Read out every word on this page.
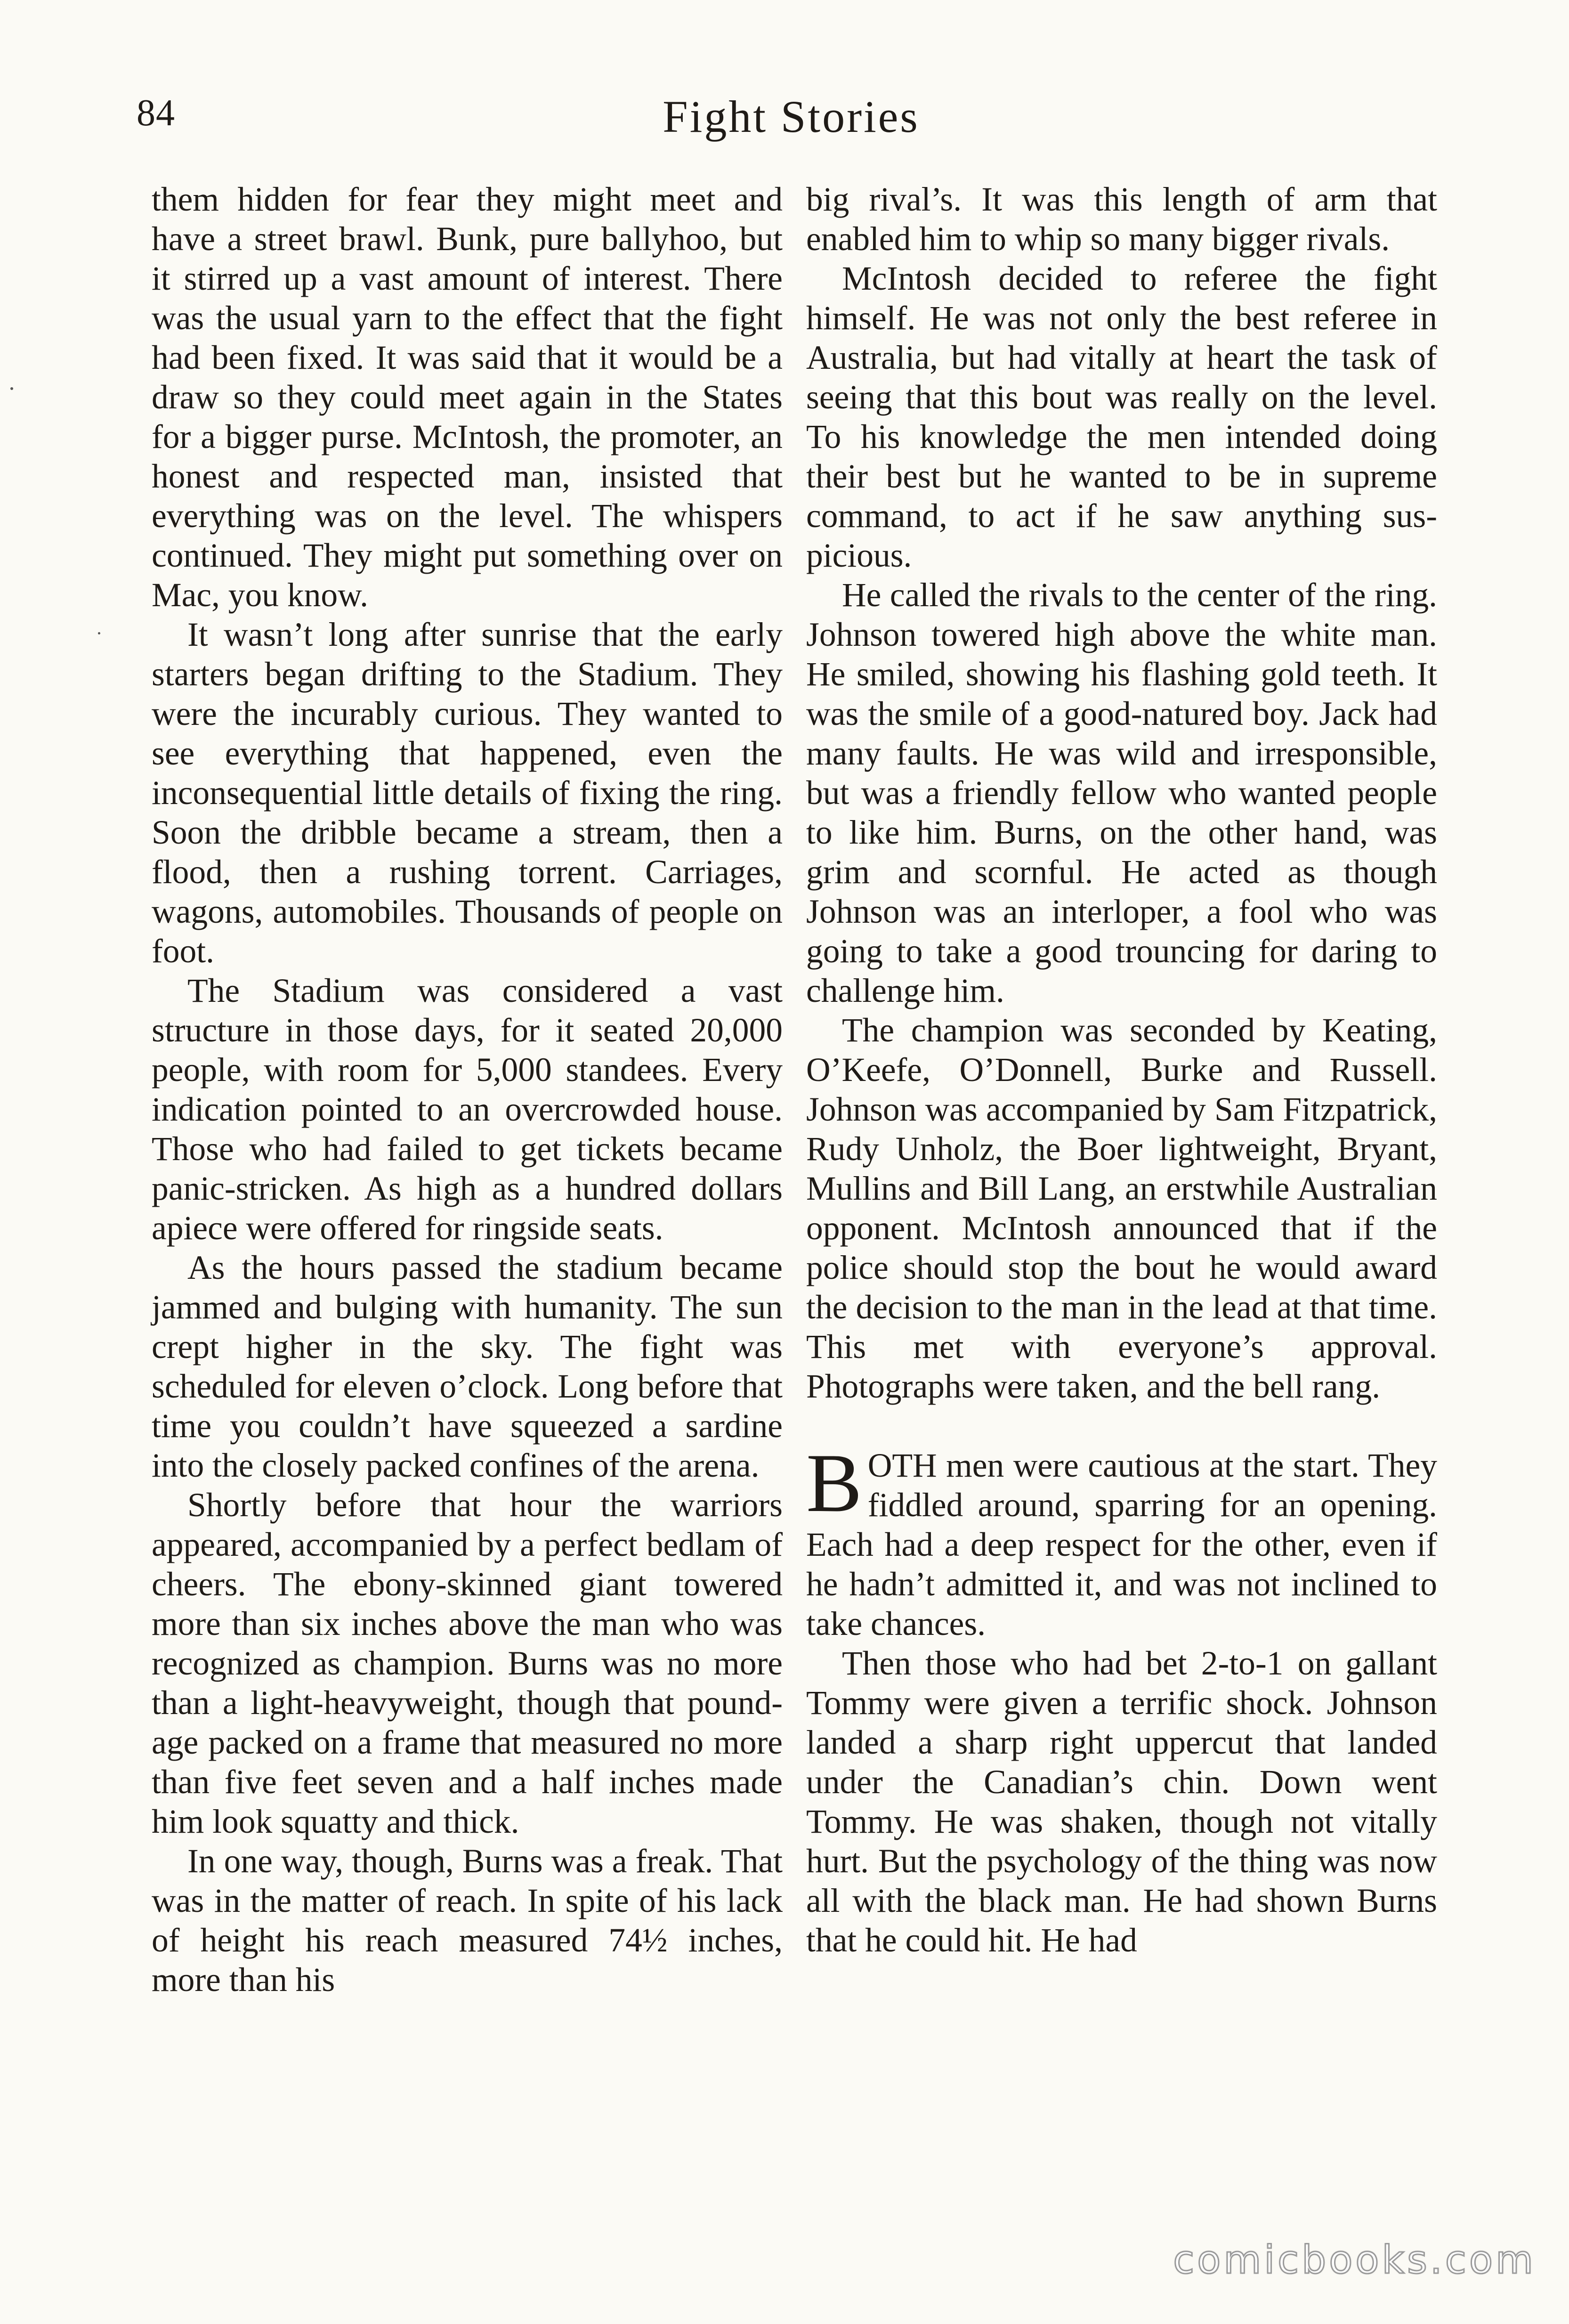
84	Fight Stories

them hidden for fear they might meet and have a street brawl. Bunk, pure ballyhoo, but it stirred up a vast amount of interest. There was the usual yarn to the effect that the fight had been fixed. It was said that it would be a draw so they could meet again in the States for a bigger purse. McIntosh, the promoter, an honest and respected man, insisted that everything was on the level. The whispers continued. They might put something over on Mac, you know.

It wasn’t long after sunrise that the early starters began drifting to the Stadium. They were the incurably curious. They wanted to see everything that happened, even the inconsequential little details of fixing the ring. Soon the dribble became a stream, then a flood, then a rushing torrent. Carriages, wagons, automobiles. Thousands of people on foot.

The Stadium was considered a vast structure in those days, for it seated 20,000 people, with room for 5,000 standees. Every indication pointed to an overcrowded house. Those who had failed to get tickets became panic-stricken. As high as a hundred dollars apiece were offered for ringside seats.

As the hours passed the stadium became jammed and bulging with humanity. The sun crept higher in the sky. The fight was scheduled for eleven o’clock. Long before that time you couldn’t have squeezed a sardine into the closely packed confines of the arena.

Shortly before that hour the warriors appeared, accompanied by a perfect bedlam of cheers. The ebony-skinned giant towered more than six inches above the man who was recognized as champion. Burns was no more than a light-heavyweight, though that poundage packed on a frame that measured no more than five feet seven and a half inches made him look squatty and thick.

In one way, though, Burns was a freak. That was in the matter of reach. In spite of his lack of height his reach measured 74½ inches, more than his

big rival’s. It was this length of arm that enabled him to whip so many bigger rivals.

McIntosh decided to referee the fight himself. He was not only the best referee in Australia, but had vitally at heart the task of seeing that this bout was really on the level. To his knowledge the men intended doing their best but he wanted to be in supreme command, to act if he saw anything suspicious.

He called the rivals to the center of the ring. Johnson towered high above the white man. He smiled, showing his flashing gold teeth. It was the smile of a good-natured boy. Jack had many faults. He was wild and irresponsible, but was a friendly fellow who wanted people to like him. Burns, on the other hand, was grim and scornful. He acted as though Johnson was an interloper, a fool who was going to take a good trouncing for daring to challenge him.

The champion was seconded by Keating, O’Keefe, O’Donnell, Burke and Russell. Johnson was accompanied by Sam Fitzpatrick, Rudy Unholz, the Boer lightweight, Bryant, Mullins and Bill Lang, an erstwhile Australian opponent. McIntosh announced that if the police should stop the bout he would award the decision to the man in the lead at that time. This met with everyone’s approval. Photographs were taken, and the bell rang.

BOTH men were cautious at the start. They fiddled around, sparring for an opening. Each had a deep respect for the other, even if he hadn’t admitted it, and was not inclined to take chances.

Then those who had bet 2-to-1 on gallant Tommy were given a terrific shock. Johnson landed a sharp right uppercut that landed under the Canadian’s chin. Down went Tommy. He was shaken, though not vitally hurt. But the psychology of the thing was now all with the black man. He had shown Burns that he could hit. He had

comicbooks.com
